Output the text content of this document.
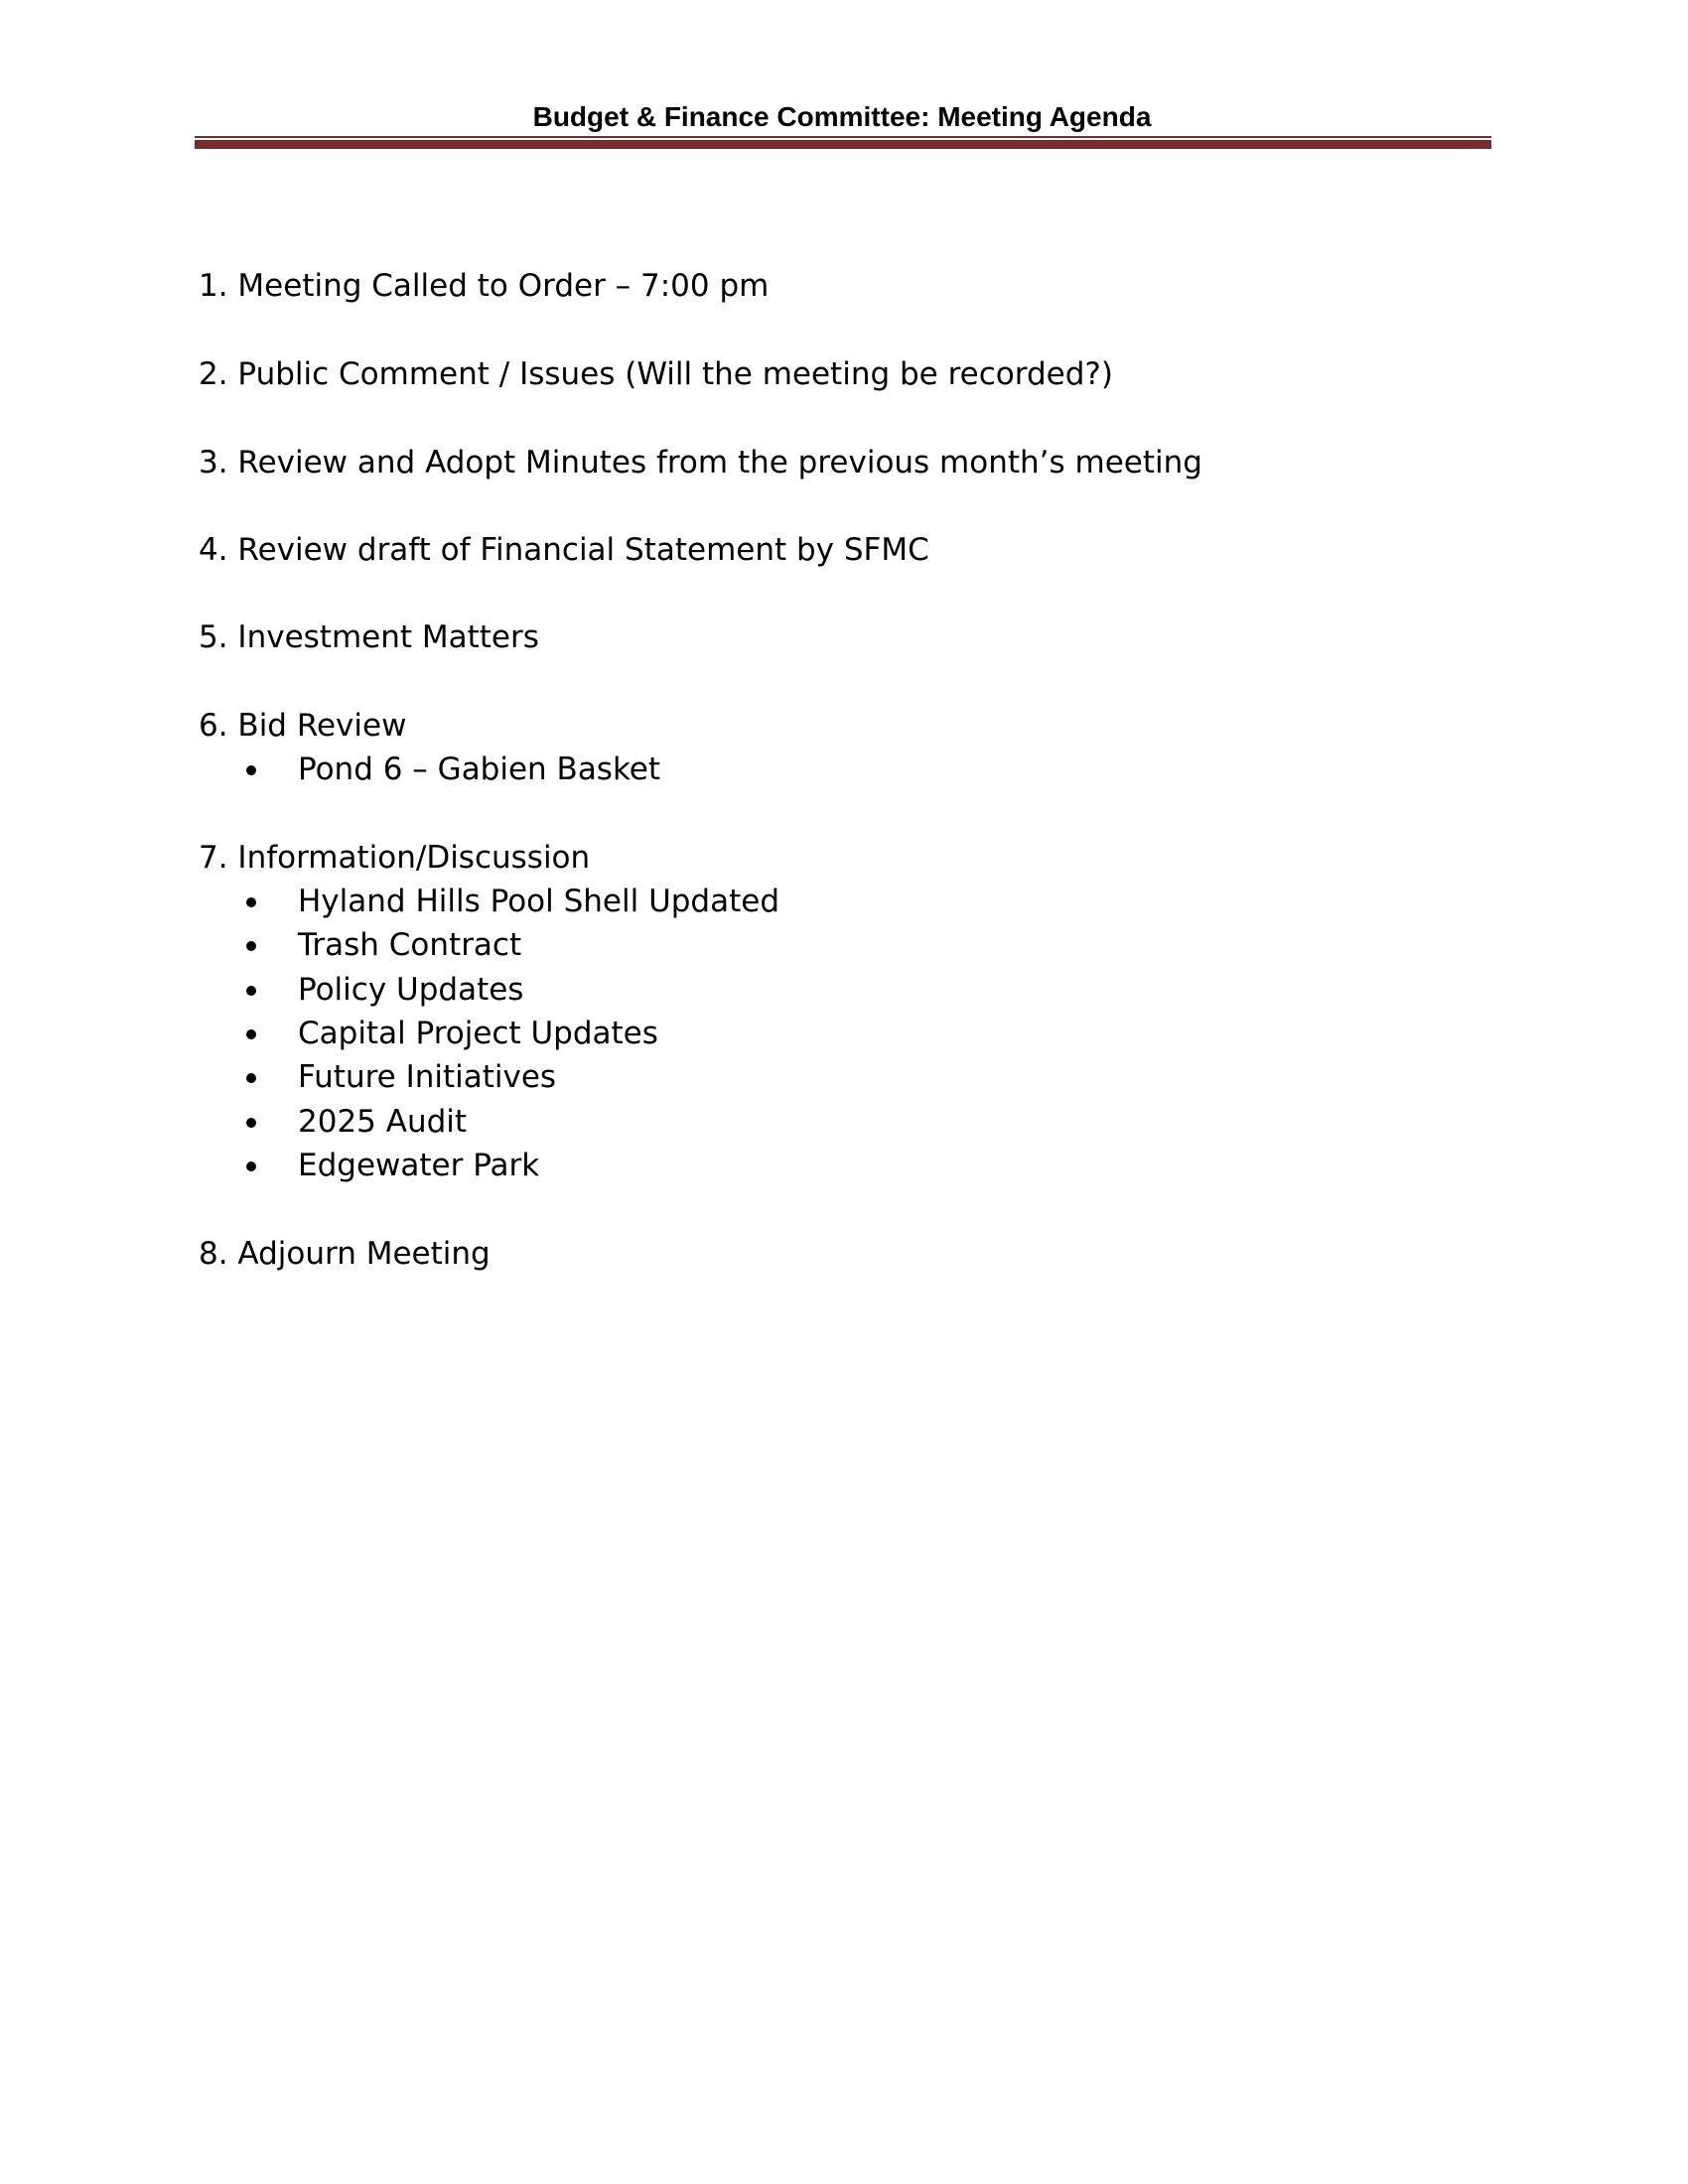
Budget & Finance Committee: Meeting Agenda
1. Meeting Called to Order – 7:00 pm
2. Public Comment / Issues (Will the meeting be recorded?)
3. Review and Adopt Minutes from the previous month’s meeting
4. Review draft of Financial Statement by SFMC
5. Investment Matters
6. Bid Review
Pond 6 – Gabien Basket
7. Information/Discussion
Hyland Hills Pool Shell Updated
Trash Contract
Policy Updates
Capital Project Updates
Future Initiatives
2025 Audit
Edgewater Park
8. Adjourn Meeting
